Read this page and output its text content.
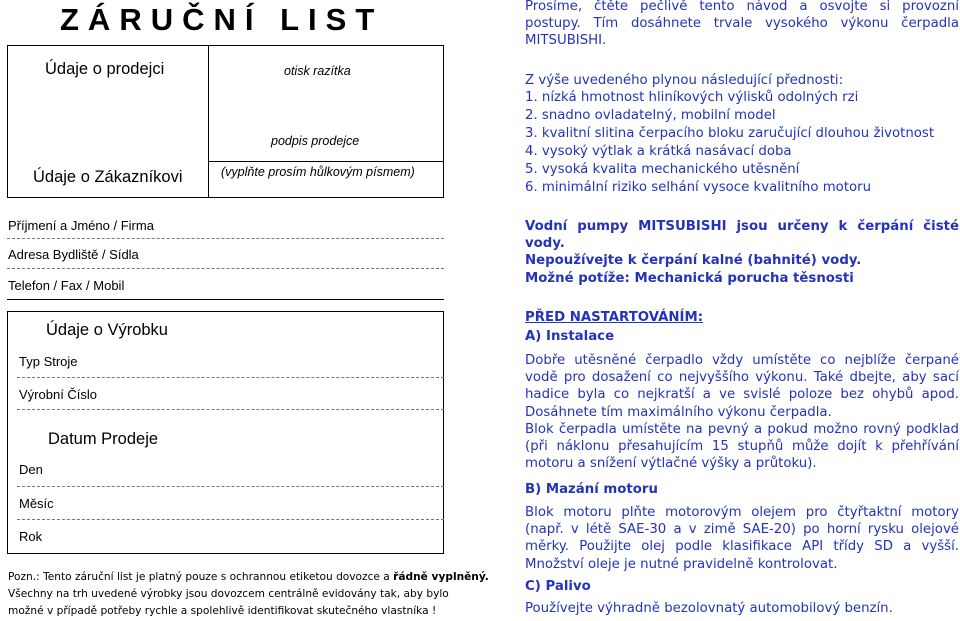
ZÁRUČNÍ LIST
Údaje o prodejci	otisk razítka
podpis prodejce
Údaje o Zákazníkovi	(vyplňte prosím hůlkovým písmem)
Příjmení a Jméno / Firma
Adresa Bydliště / Sídla
Telefon / Fax / Mobil
Údaje o Výrobku
Typ Stroje
Výrobní Číslo
Datum Prodeje
Den
Měsíc
Rok
Pozn.: Tento záruční list je platný pouze s ochrannou etiketou dovozce a řádně vyplněný.
Všechny na trh uvedené výrobky jsou dovozcem centrálně evidovány tak, aby bylo
možné v případě potřeby rychle a spolehlivě identifikovat skutečného vlastníka !
Prosíme, čtěte pečlivě tento návod a osvojte si provozní
postupy. Tím dosáhnete trvale vysokého výkonu čerpadla
MITSUBISHI.
Z výše uvedeného plynou následující přednosti:
1. nízká hmotnost hliníkových výlisků odolných rzi
2. snadno ovladatelný, mobilní model
3. kvalitní slitina čerpacího bloku zaručující dlouhou životnost
4. vysoký výtlak a krátká nasávací doba
5. vysoká kvalita mechanického utěsnění
6. minimální riziko selhání vysoce kvalitního motoru
Vodní pumpy MITSUBISHI jsou určeny k čerpání čisté
vody.
Nepoužívejte k čerpání kalné (bahnité) vody.
Možné potíže: Mechanická porucha těsnosti
PŘED NASTARTOVÁNÍM:
A) Instalace
Dobře utěsněné čerpadlo vždy umístěte co nejblíže čerpané
vodě pro dosažení co nejvyššího výkonu. Také dbejte, aby sací
hadice byla co nejkratší a ve svislé poloze bez ohybů apod.
Dosáhnete tím maximálního výkonu čerpadla.
Blok čerpadla umístěte na pevný a pokud možno rovný podklad
(při náklonu přesahujícím 15 stupňů může dojít k přehřívání
motoru a snížení výtlačné výšky a průtoku).
B) Mazání motoru
Blok motoru plňte motorovým olejem pro čtyřtaktní motory
(např. v létě SAE-30 a v zimě SAE-20) po horní rysku olejové
měrky. Použijte olej podle klasifikace API třídy SD a vyšší.
Množství oleje je nutné pravidelně kontrolovat.
C) Palivo
Používejte výhradně bezolovnatý automobilový benzín.
